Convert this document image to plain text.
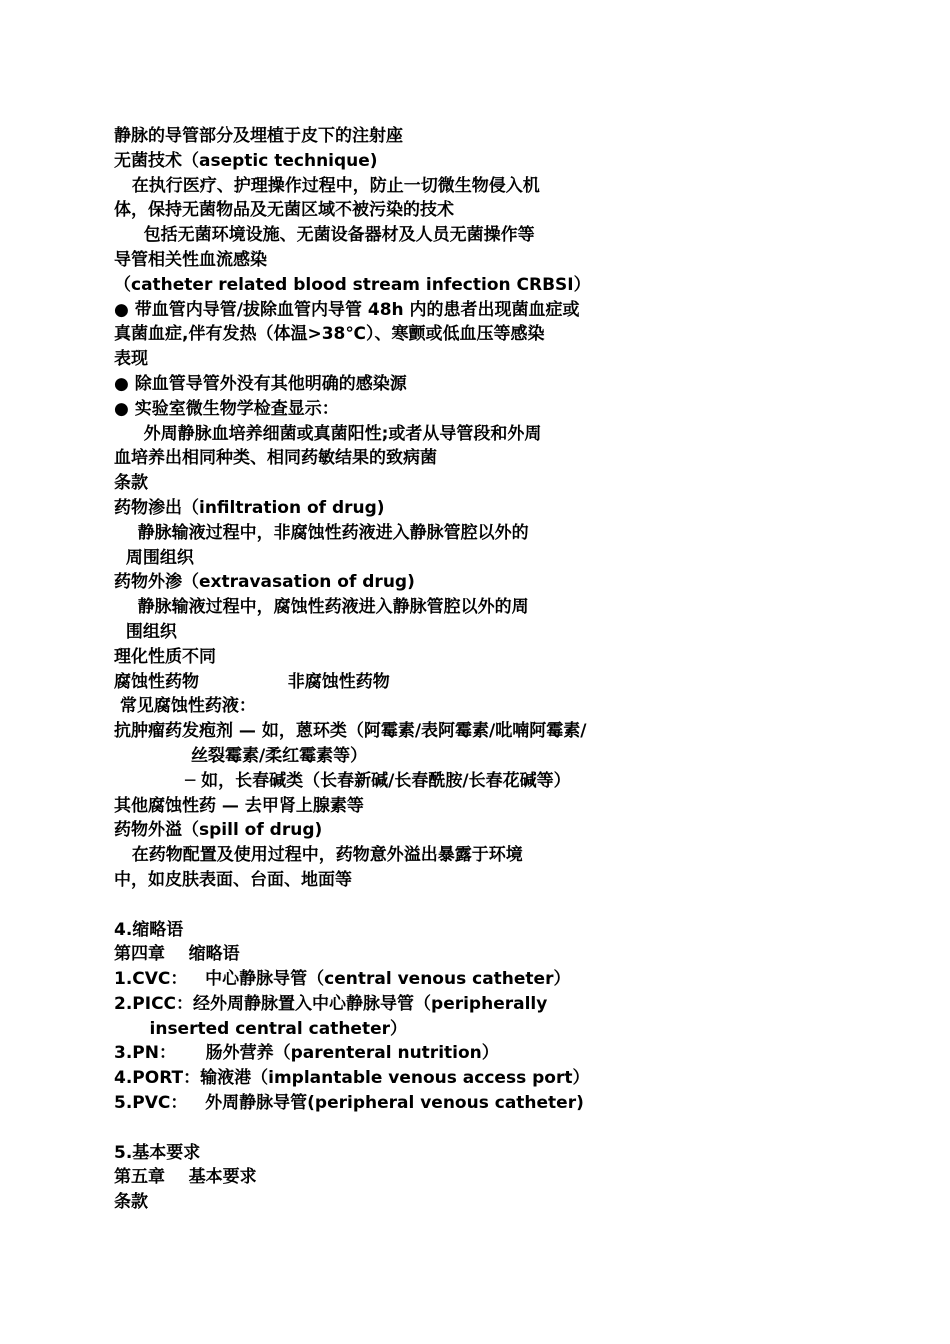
静脉的导管部分及埋植于皮下的注射座
无菌技术（aseptic technique)
在执行医疗、护理操作过程中，防止一切微生物侵入机
体，保持无菌物品及无菌区域不被污染的技术
包括无菌环境设施、无菌设备器材及人员无菌操作等
导管相关性血流感染
（catheter related blood stream infection CRBSI）
● 带血管内导管/拔除血管内导管 48h 内的患者出现菌血症或
真菌血症,伴有发热（体温>38℃）、寒颤或低血压等感染
表现
● 除血管导管外没有其他明确的感染源
● 实验室微生物学检查显示：
外周静脉血培养细菌或真菌阳性;或者从导管段和外周
血培养出相同种类、相同药敏结果的致病菌
条款
药物渗出（infiltration of drug)
静脉输液过程中，非腐蚀性药液进入静脉管腔以外的
周围组织
药物外渗（extravasation of drug)
静脉输液过程中，腐蚀性药液进入静脉管腔以外的周
围组织
理化性质不同
腐蚀性药物               非腐蚀性药物
常见腐蚀性药液：
抗肿瘤药发疱剂 — 如，蒽环类（阿霉素/表阿霉素/吡喃阿霉素/
丝裂霉素/柔红霉素等）
─ 如，长春碱类（长春新碱/长春酰胺/长春花碱等）
其他腐蚀性药 — 去甲肾上腺素等
药物外溢（spill of drug)
在药物配置及使用过程中，药物意外溢出暴露于环境
中，如皮肤表面、台面、地面等
4.缩略语
第四章    缩略语
1.CVC：   中心静脉导管（central venous catheter）
2.PICC：经外周静脉置入中心静脉导管（peripherally
inserted central catheter）
3.PN：     肠外营养（parenteral nutrition）
4.PORT：输液港（implantable venous access port）
5.PVC：   外周静脉导管(peripheral venous catheter)
5.基本要求
第五章    基本要求
条款
